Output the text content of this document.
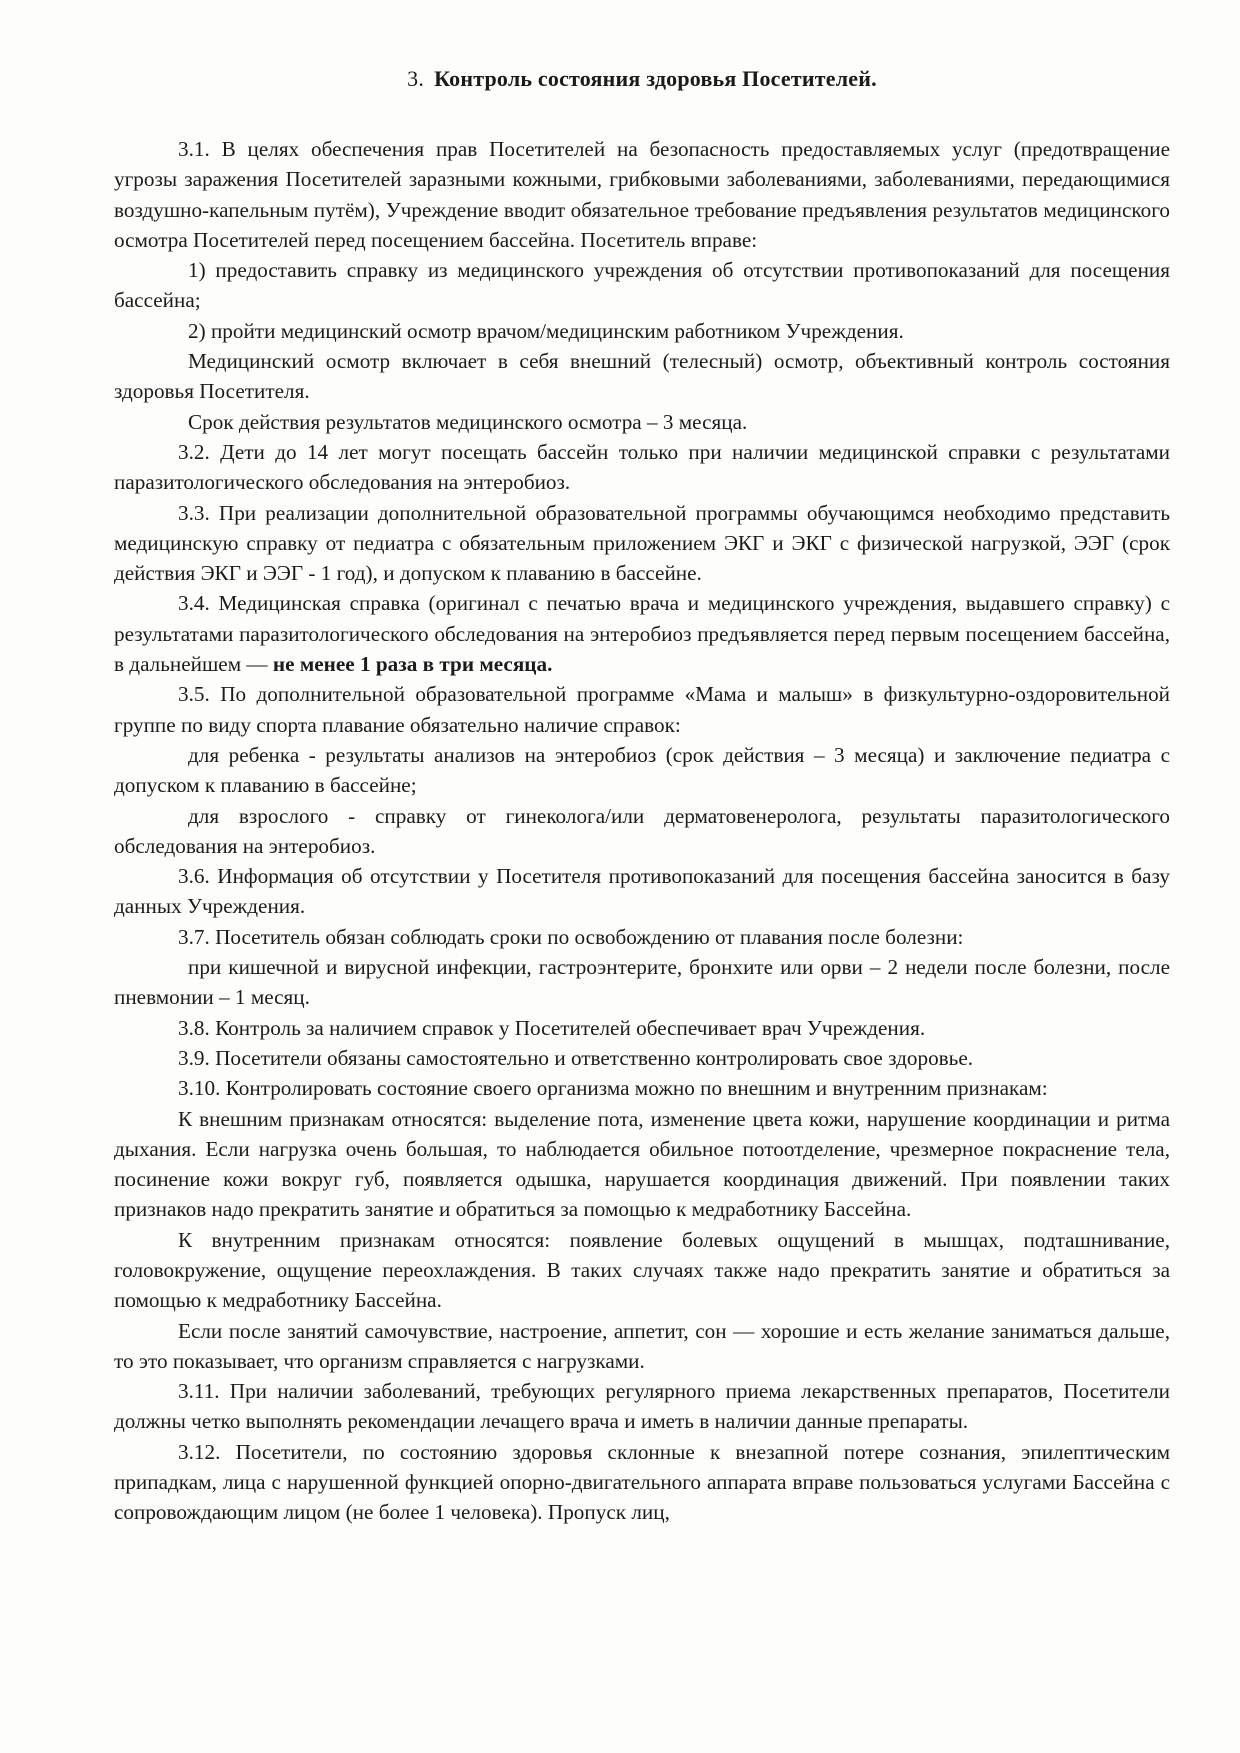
3. Контроль состояния здоровья Посетителей.

3.1. В целях обеспечения прав Посетителей на безопасность предоставляемых услуг (предотвращение угрозы заражения Посетителей заразными кожными, грибковыми заболеваниями, заболеваниями, передающимися воздушно-капельным путём), Учреждение вводит обязательное требование предъявления результатов медицинского осмотра Посетителей перед посещением бассейна. Посетитель вправе:

1) предоставить справку из медицинского учреждения об отсутствии противопоказаний для посещения бассейна;

2) пройти медицинский осмотр врачом/медицинским работником Учреждения.

Медицинский осмотр включает в себя внешний (телесный) осмотр, объективный контроль состояния здоровья Посетителя.

Срок действия результатов медицинского осмотра – 3 месяца.

3.2. Дети до 14 лет могут посещать бассейн только при наличии медицинской справки с результатами паразитологического обследования на энтеробиоз.

3.3. При реализации дополнительной образовательной программы обучающимся необходимо представить медицинскую справку от педиатра с обязательным приложением ЭКГ и ЭКГ с физической нагрузкой, ЭЭГ (срок действия ЭКГ и ЭЭГ - 1 год), и допуском к плаванию в бассейне.

3.4. Медицинская справка (оригинал с печатью врача и медицинского учреждения, выдавшего справку) с результатами паразитологического обследования на энтеробиоз предъявляется перед первым посещением бассейна, в дальнейшем — не менее 1 раза в три месяца.

3.5. По дополнительной образовательной программе «Мама и малыш» в физкультурно-оздоровительной группе по виду спорта плавание обязательно наличие справок:

для ребенка - результаты анализов на энтеробиоз (срок действия – 3 месяца) и заключение педиатра с допуском к плаванию в бассейне;

для взрослого - справку от гинеколога/или дерматовенеролога, результаты паразитологического обследования на энтеробиоз.

3.6. Информация об отсутствии у Посетителя противопоказаний для посещения бассейна заносится в базу данных Учреждения.

3.7. Посетитель обязан соблюдать сроки по освобождению от плавания после болезни:

при кишечной и вирусной инфекции, гастроэнтерите, бронхите или орви – 2 недели после болезни, после пневмонии – 1 месяц.

3.8. Контроль за наличием справок у Посетителей обеспечивает врач Учреждения.

3.9. Посетители обязаны самостоятельно и ответственно контролировать свое здоровье.

3.10. Контролировать состояние своего организма можно по внешним и внутренним признакам:

К внешним признакам относятся: выделение пота, изменение цвета кожи, нарушение координации и ритма дыхания. Если нагрузка очень большая, то наблюдается обильное потоотделение, чрезмерное покраснение тела, посинение кожи вокруг губ, появляется одышка, нарушается координация движений. При появлении таких признаков надо прекратить занятие и обратиться за помощью к медработнику Бассейна.

К внутренним признакам относятся: появление болевых ощущений в мышцах, подташнивание, головокружение, ощущение переохлаждения. В таких случаях также надо прекратить занятие и обратиться за помощью к медработнику Бассейна.

Если после занятий самочувствие, настроение, аппетит, сон — хорошие и есть желание заниматься дальше, то это показывает, что организм справляется с нагрузками.

3.11. При наличии заболеваний, требующих регулярного приема лекарственных препаратов, Посетители должны четко выполнять рекомендации лечащего врача и иметь в наличии данные препараты.

3.12. Посетители, по состоянию здоровья склонные к внезапной потере сознания, эпилептическим припадкам, лица с нарушенной функцией опорно-двигательного аппарата вправе пользоваться услугами Бассейна с сопровождающим лицом (не более 1 человека). Пропуск лиц,
